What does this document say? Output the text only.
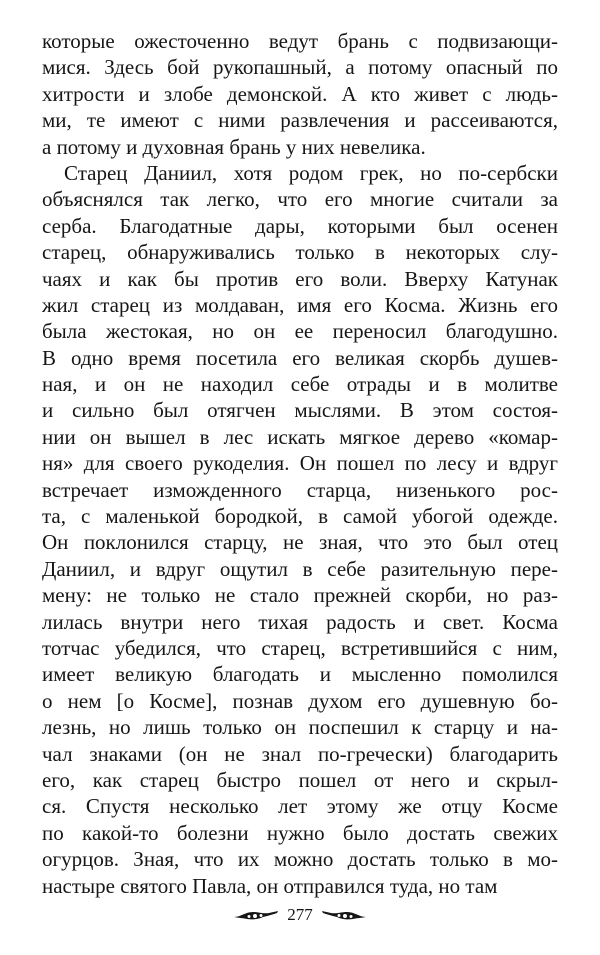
которые ожесточенно ведут брань с подвизающи-
мися. Здесь бой рукопашный, а потому опасный по
хитрости и злобе демонской. А кто живет с людь-
ми, те имеют с ними развлечения и рассеиваются,
а потому и духовная брань у них невелика.
Старец Даниил, хотя родом грек, но по-сербски
объяснялся так легко, что его многие считали за
серба. Благодатные дары, которыми был осенен
старец, обнаруживались только в некоторых слу-
чаях и как бы против его воли. Вверху Катунак
жил старец из молдаван, имя его Косма. Жизнь его
была жестокая, но он ее переносил благодушно.
В одно время посетила его великая скорбь душев-
ная, и он не находил себе отрады и в молитве
и сильно был отягчен мыслями. В этом состоя-
нии он вышел в лес искать мягкое дерево «комар-
ня» для своего рукоделия. Он пошел по лесу и вдруг
встречает изможденного старца, низенького рос-
та, с маленькой бородкой, в самой убогой одежде.
Он поклонился старцу, не зная, что это был отец
Даниил, и вдруг ощутил в себе разительную пере-
мену: не только не стало прежней скорби, но раз-
лилась внутри него тихая радость и свет. Косма
тотчас убедился, что старец, встретившийся с ним,
имеет великую благодать и мысленно помолился
о нем [о Косме], познав духом его душевную бо-
лезнь, но лишь только он поспешил к старцу и на-
чал знаками (он не знал по-гречески) благодарить
его, как старец быстро пошел от него и скрыл-
ся. Спустя несколько лет этому же отцу Косме
по какой-то болезни нужно было достать свежих
огурцов. Зная, что их можно достать только в мо-
настыре святого Павла, он отправился туда, но там
277
